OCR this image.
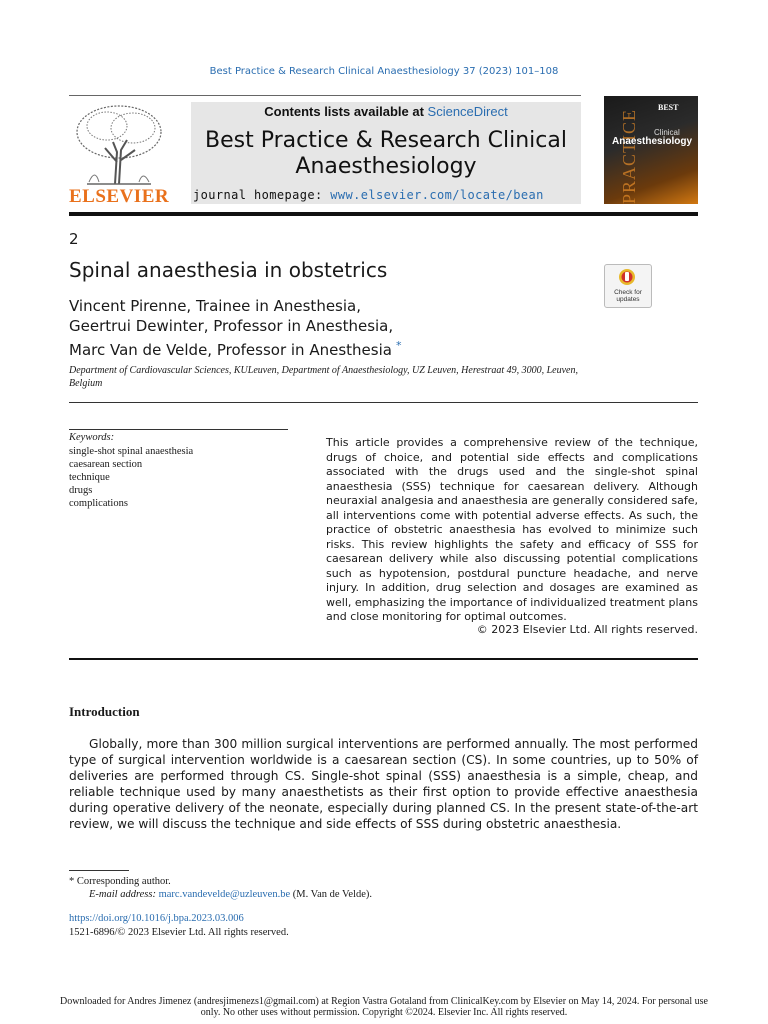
Best Practice & Research Clinical Anaesthesiology 37 (2023) 101–108
ELSEVIER
Contents lists available at ScienceDirect
Best Practice & Research Clinical
Anaesthesiology
journal homepage: www.elsevier.com/locate/bean	PRACTICE
BEST
Clinical
Anaesthesiology
2
Spinal anaesthesia in obstetrics
Check for updates
Vincent Pirenne, Trainee in Anesthesia,
Geertrui Dewinter, Professor in Anesthesia,
Marc Van de Velde, Professor in Anesthesia *
Department of Cardiovascular Sciences, KULeuven, Department of Anaesthesiology, UZ Leuven, Herestraat 49, 3000, Leuven, Belgium
Keywords:
single-shot spinal anaesthesia
caesarean section
technique
drugs
complications
This article provides a comprehensive review of the technique, drugs of choice, and potential side effects and complications associated with the drugs used and the single-shot spinal anaesthesia (SSS) technique for caesarean delivery. Although neuraxial analgesia and anaesthesia are generally considered safe, all interventions come with potential adverse effects. As such, the practice of obstetric anaesthesia has evolved to minimize such risks. This review highlights the safety and efficacy of SSS for caesarean delivery while also discussing potential complications such as hypotension, postdural puncture headache, and nerve injury. In addition, drug selection and dosages are examined as well, emphasizing the importance of individualized treatment plans and close monitoring for optimal outcomes.
© 2023 Elsevier Ltd. All rights reserved.
Introduction
Globally, more than 300 million surgical interventions are performed annually. The most performed type of surgical intervention worldwide is a caesarean section (CS). In some countries, up to 50% of deliveries are performed through CS. Single-shot spinal (SSS) anaesthesia is a simple, cheap, and reliable technique used by many anaesthetists as their first option to provide effective anaesthesia during operative delivery of the neonate, especially during planned CS. In the present state-of-the-art review, we will discuss the technique and side effects of SSS during obstetric anaesthesia.
* Corresponding author.
E-mail address: marc.vandevelde@uzleuven.be (M. Van de Velde).
https://doi.org/10.1016/j.bpa.2023.03.006
1521-6896/© 2023 Elsevier Ltd. All rights reserved.
Downloaded for Andres Jimenez (andresjimenezs1@gmail.com) at Region Vastra Gotaland from ClinicalKey.com by Elsevier on May 14, 2024. For personal use only. No other uses without permission. Copyright ©2024. Elsevier Inc. All rights reserved.
